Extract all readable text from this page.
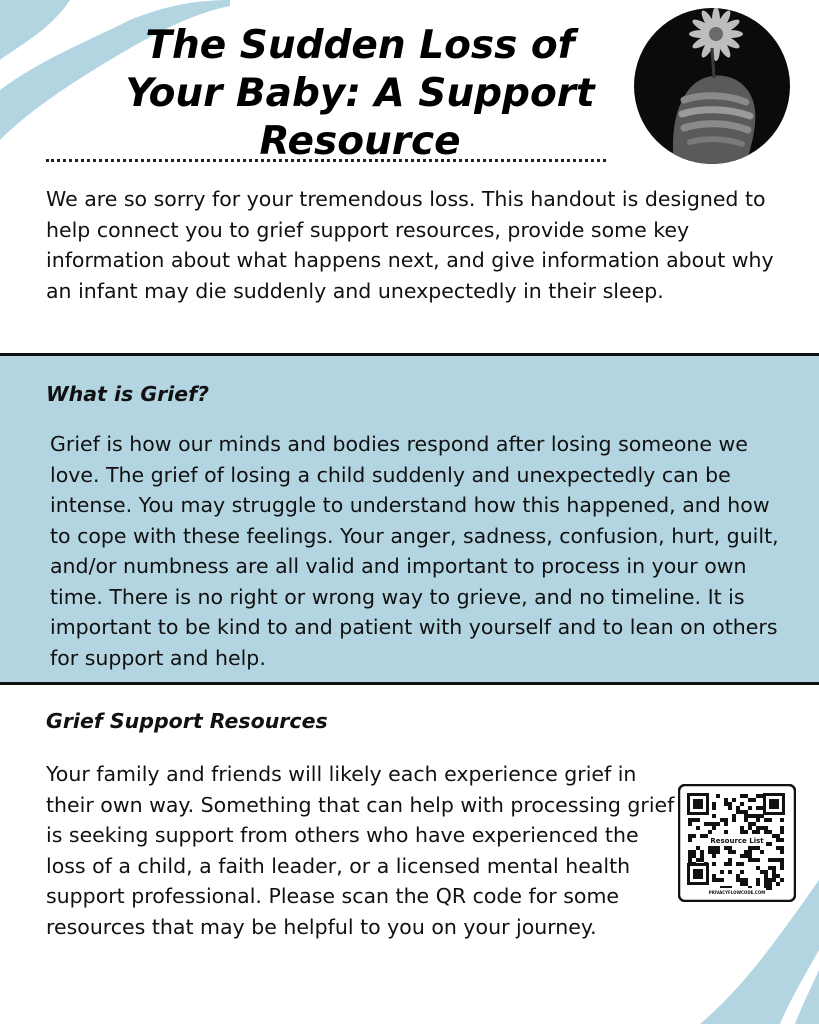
The Sudden Loss of Your Baby: A Support Resource

We are so sorry for your tremendous loss. This handout is designed to help connect you to grief support resources, provide some key information about what happens next, and give information about why an infant may die suddenly and unexpectedly in their sleep.

What is Grief?

Grief is how our minds and bodies respond after losing someone we love. The grief of losing a child suddenly and unexpectedly can be intense. You may struggle to understand how this happened, and how to cope with these feelings. Your anger, sadness, confusion, hurt, guilt, and/or numbness are all valid and important to process in your own time. There is no right or wrong way to grieve, and no timeline. It is important to be kind to and patient with yourself and to lean on others for support and help.

Grief Support Resources

Your family and friends will likely each experience grief in their own way. Something that can help with processing grief is seeking support from others who have experienced the loss of a child, a faith leader, or a licensed mental health support professional. Please scan the QR code for some resources that may be helpful to you on your journey.

Resource List
PRIVACYFLOWCODE.COM
